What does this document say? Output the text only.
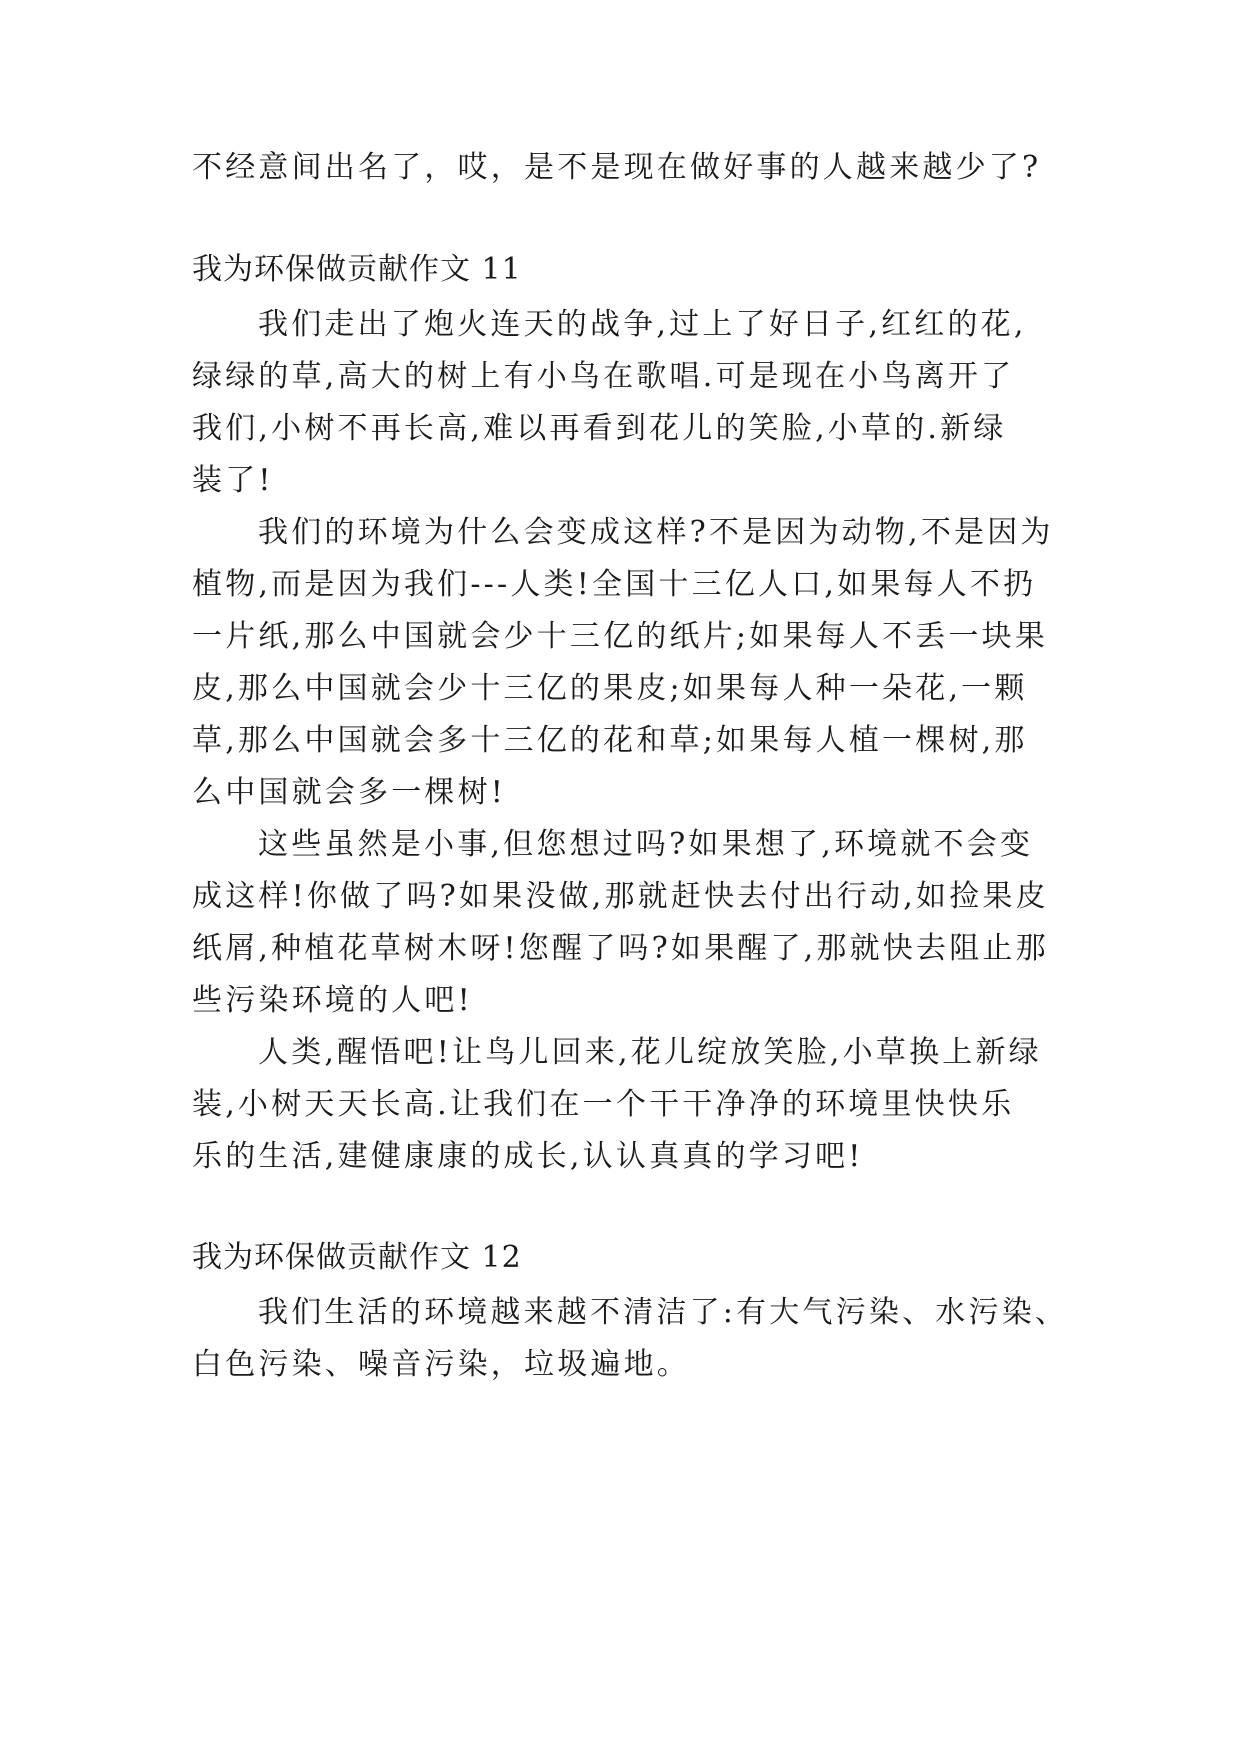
不经意间出名了，哎，是不是现在做好事的人越来越少了?
我为环保做贡献作文 11
我们走出了炮火连天的战争,过上了好日子,红红的花,
绿绿的草,高大的树上有小鸟在歌唱.可是现在小鸟离开了
我们,小树不再长高,难以再看到花儿的笑脸,小草的.新绿
装了!
我们的环境为什么会变成这样?不是因为动物,不是因为
植物,而是因为我们---人类!全国十三亿人口,如果每人不扔
一片纸,那么中国就会少十三亿的纸片;如果每人不丢一块果
皮,那么中国就会少十三亿的果皮;如果每人种一朵花,一颗
草,那么中国就会多十三亿的花和草;如果每人植一棵树,那
么中国就会多一棵树!
这些虽然是小事,但您想过吗?如果想了,环境就不会变
成这样!你做了吗?如果没做,那就赶快去付出行动,如捡果皮
纸屑,种植花草树木呀!您醒了吗?如果醒了,那就快去阻止那
些污染环境的人吧!
人类,醒悟吧!让鸟儿回来,花儿绽放笑脸,小草换上新绿
装,小树天天长高.让我们在一个干干净净的环境里快快乐
乐的生活,建健康康的成长,认认真真的学习吧!
我为环保做贡献作文 12
我们生活的环境越来越不清洁了:有大气污染、水污染、
白色污染、噪音污染，垃圾遍地。
